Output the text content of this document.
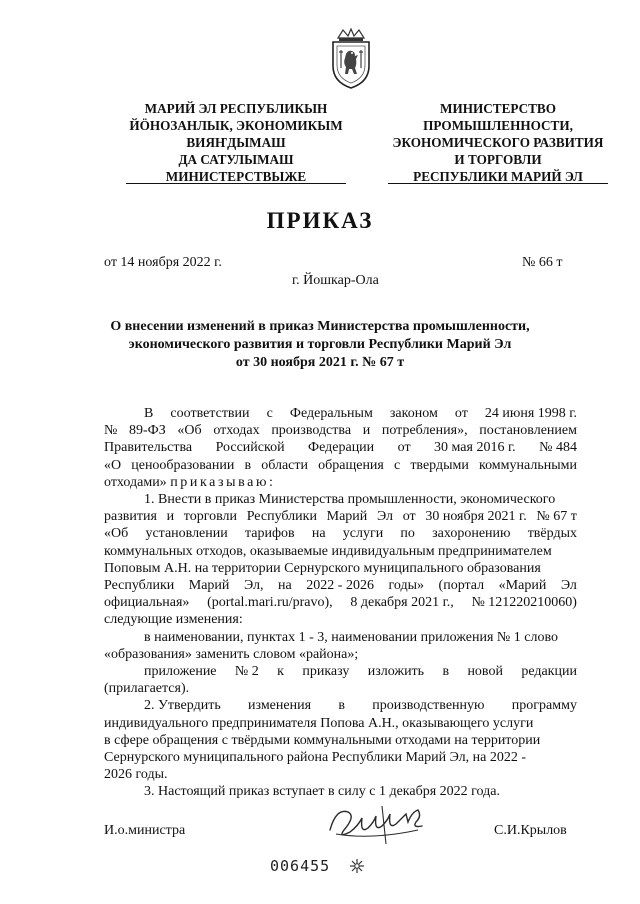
МАРИЙ ЭЛ РЕСПУБЛИКЫН
ЙӦНОЗАНЛЫК, ЭКОНОМИКЫМ
ВИЯҤДЫМАШ
ДА САТУЛЫМАШ
МИНИСТЕРСТВЫЖЕ
МИНИСТЕРСТВО
ПРОМЫШЛЕННОСТИ,
ЭКОНОМИЧЕСКОГО РАЗВИТИЯ
И ТОРГОВЛИ
РЕСПУБЛИКИ МАРИЙ ЭЛ
ПРИКАЗ
от 14 ноября 2022 г.	№ 66 т
г. Йошкар-Ола
О внесении изменений в приказ Министерства промышленности,
экономического развития и торговли Республики Марий Эл
от 30 ноября 2021 г. № 67 т
В соответствии с Федеральным законом от 24 июня 1998 г.
№ 89-ФЗ «Об отходах производства и потребления», постановлением
Правительства Российской Федерации от 30 мая 2016 г. № 484
«О ценообразовании в области обращения с твердыми коммунальными
отходами» приказываю:
1. Внести в приказ Министерства промышленности, экономического
развития и торговли Республики Марий Эл от 30 ноября 2021 г. № 67 т
«Об установлении тарифов на услуги по захоронению твёрдых
коммунальных отходов, оказываемые индивидуальным предпринимателем
Поповым А.Н. на территории Сернурского муниципального образования
Республики Марий Эл, на 2022 - 2026 годы» (портал «Марий Эл
официальная» (portal.mari.ru/pravo), 8 декабря 2021 г., № 121220210060)
следующие изменения:
в наименовании, пунктах 1 - 3, наименовании приложения № 1 слово
«образования» заменить словом «района»;
приложение № 2 к приказу изложить в новой редакции
(прилагается).
2. Утвердить изменения в производственную программу
индивидуального предпринимателя Попова А.Н., оказывающего услуги
в сфере обращения с твёрдыми коммунальными отходами на территории
Сернурского муниципального района Республики Марий Эл, на 2022 -
2026 годы.
3. Настоящий приказ вступает в силу с 1 декабря 2022 года.
И.о.министра	С.И.Крылов
006455
